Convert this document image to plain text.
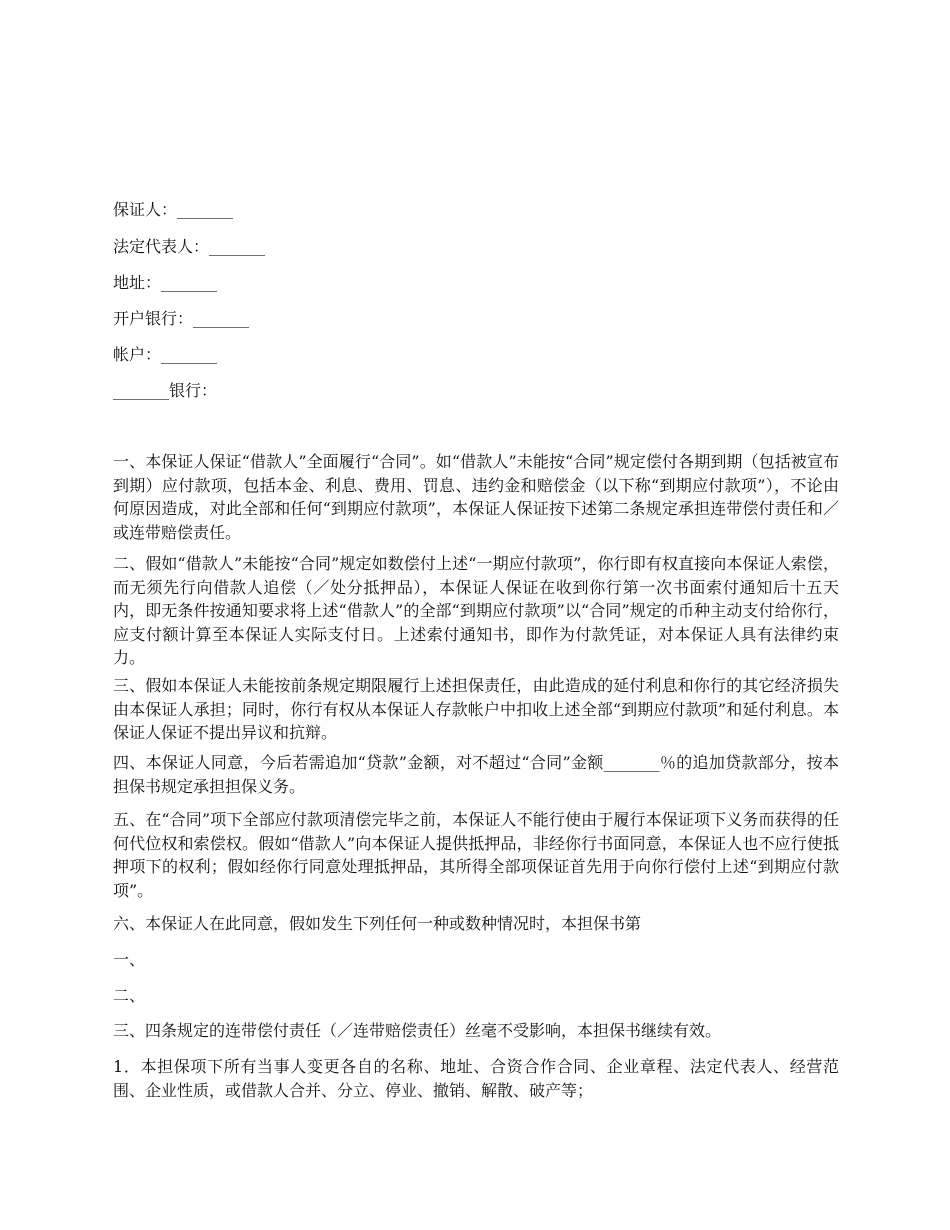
保证人：_______
法定代表人：_______
地址：_______
开户银行：_______
帐户：_______
_______银行：

一、本保证人保证“借款人”全面履行“合同”。如“借款人”未能按“合同”规定偿付各期到期（包括被宣布到期）应付款项，包括本金、利息、费用、罚息、违约金和赔偿金（以下称“到期应付款项”），不论由何原因造成，对此全部和任何“到期应付款项”，本保证人保证按下述第二条规定承担连带偿付责任和／或连带赔偿责任。

二、假如“借款人”未能按“合同”规定如数偿付上述“一期应付款项”，你行即有权直接向本保证人索偿，而无须先行向借款人追偿（／处分抵押品），本保证人保证在收到你行第一次书面索付通知后十五天内，即无条件按通知要求将上述“借款人”的全部“到期应付款项”以“合同”规定的币种主动支付给你行，应支付额计算至本保证人实际支付日。上述索付通知书，即作为付款凭证，对本保证人具有法律约束力。

三、假如本保证人未能按前条规定期限履行上述担保责任，由此造成的延付利息和你行的其它经济损失由本保证人承担；同时，你行有权从本保证人存款帐户中扣收上述全部“到期应付款项”和延付利息。本保证人保证不提出异议和抗辩。

四、本保证人同意，今后若需追加“贷款”金额，对不超过“合同”金额_______％的追加贷款部分，按本担保书规定承担担保义务。

五、在“合同”项下全部应付款项清偿完毕之前，本保证人不能行使由于履行本保证项下义务而获得的任何代位权和索偿权。假如“借款人”向本保证人提供抵押品，非经你行书面同意，本保证人也不应行使抵押项下的权利；假如经你行同意处理抵押品，其所得全部项保证首先用于向你行偿付上述“到期应付款项”。

六、本保证人在此同意，假如发生下列任何一种或数种情况时，本担保书第

一、
二、
三、四条规定的连带偿付责任（／连带赔偿责任）丝毫不受影响，本担保书继续有效。

1．本担保项下所有当事人变更各自的名称、地址、合资合作合同、企业章程、法定代表人、经营范围、企业性质，或借款人合并、分立、停业、撤销、解散、破产等；
